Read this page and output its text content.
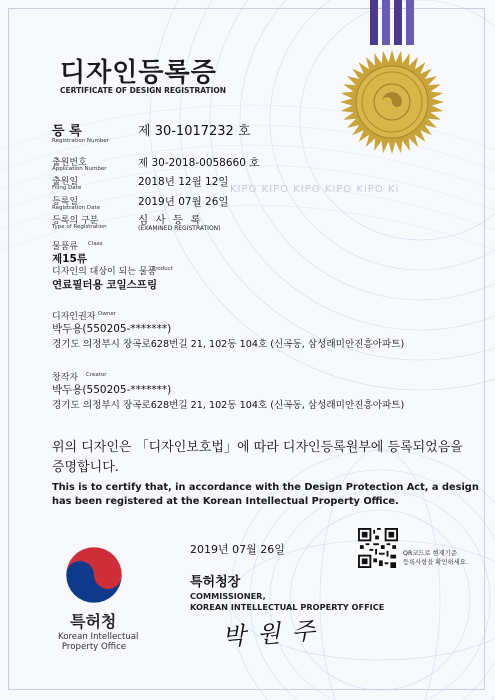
디자인등록증
CERTIFICATE OF DESIGN REGISTRATION
등 록
Registration Number
제 30-1017232 호
출원번호
Application Number	제 30-2018-0058660 호
출원일
Filing Date	2018년 12월 12일
KIPO KIPO KIPO KIPO KIPO Ki
등록일
Registration Date	2019년 07월 26일
등록의 구분
Type of Registration
심 사 등 록
(EXAMINED REGISTRATION)
물품류 Class
제15류
디자인의 대상이 되는 물품
Product
연료필터용 코일스프링
디자인권자 Owner
박두용(550205-*******)
경기도 의정부시 장곡로628번길 21, 102동 104호 (신곡동, 삼성래미안진흥아파트)
창작자 Creator
박두용(550205-*******)
경기도 의정부시 장곡로628번길 21, 102동 104호 (신곡동, 삼성래미안진흥아파트)
위의 디자인은 「디자인보호법」에 따라 디자인등록원부에 등록되었음을
증명합니다.
This is to certify that, in accordance with the Design Protection Act, a design
has been registered at the Korean Intellectual Property Office.
2019년 07월 26일	QR코드로 현재기준
등록사항을 확인하세요.
특허청
Korean Intellectual
Property Office
특허청장
COMMISSIONER,
KOREAN INTELLECTUAL PROPERTY OFFICE
박 원 주
